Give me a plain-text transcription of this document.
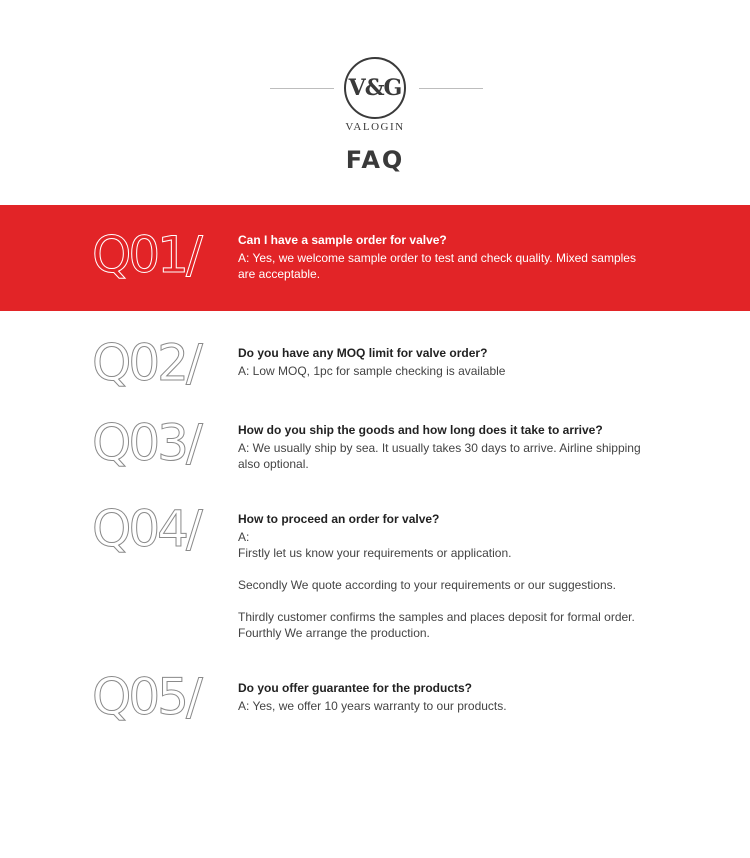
V&G
VALOGIN
FAQ
Q01/	Can I have a sample order for valve?
A: Yes, we welcome sample order to test and check quality. Mixed samples
are acceptable.
Q02/	Do you have any MOQ limit for valve order?
A: Low MOQ, 1pc for sample checking is available
Q03/	How do you ship the goods and how long does it take to arrive?
A: We usually ship by sea. It usually takes 30 days to arrive. Airline shipping
also optional.
Q04/	How to proceed an order for valve?
A:
Firstly let us know your requirements or application.
Secondly We quote according to your requirements or our suggestions.
Thirdly customer confirms the samples and places deposit for formal order.
Fourthly We arrange the production.
Q05/	Do you offer guarantee for the products?
A: Yes, we offer 10 years warranty to our products.
